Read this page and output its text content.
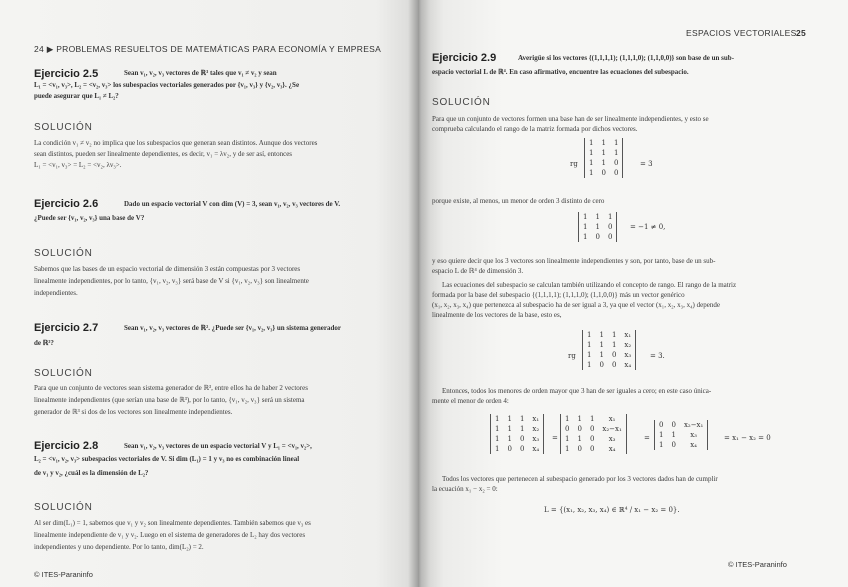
24 ▶ PROBLEMAS RESUELTOS DE MATEMÁTICAS PARA ECONOMÍA Y EMPRESA
Ejercicio 2.5	Sean v₁, v₂, v₃ vectores de ℝ³ tales que v₁ ≠ v₂ y sean
L₁ = <v₁, v₃>, L₂ = <v₂, v₃> los subespacios vectoriales generados por {v₁, v₃} y {v₂, v₃}. ¿Se
puede asegurar que L₁ ≠ L₂?
SOLUCIÓN
La condición v₁ ≠ v₂ no implica que los subespacios que generan sean distintos. Aunque dos vectores
sean distintos, pueden ser linealmente dependientes, es decir, v₁ = λv₂, y de ser así, entonces
L₁ = <v₁, v₃> = L₂ = <v₂, λv₃>.
Ejercicio 2.6	Dado un espacio vectorial V con dim (V) = 3, sean v₁, v₂, v₃ vectores de V.
¿Puede ser {v₁, v₂, v₃} una base de V?
SOLUCIÓN
Sabemos que las bases de un espacio vectorial de dimensión 3 están compuestas por 3 vectores
linealmente independientes, por lo tanto, {v₁, v₂, v₃} será base de V si {v₁, v₂, v₃} son linealmente
independientes.
Ejercicio 2.7	Sean v₁, v₂, v₃ vectores de ℝ². ¿Puede ser {v₁, v₂, v₃} un sistema generador
de ℝ³?
SOLUCIÓN
Para que un conjunto de vectores sean sistema generador de ℝ³, entre ellos ha de haber 2 vectores
linealmente independientes (que serían una base de ℝ³), por lo tanto, {v₁, v₂, v₃} será un sistema
generador de ℝ³ si dos de los vectores son linealmente independientes.
Ejercicio 2.8	Sean v₁, v₂, v₃ vectores de un espacio vectorial V y L₁ = <v₁, v₂>,
L₂ = <v₁, v₂, v₃> subespacios vectoriales de V. Si dim (L₁) = 1 y v₃ no es combinación lineal
de v₁ y v₂, ¿cuál es la dimensión de L₂?
SOLUCIÓN
Al ser dim(L₁) = 1, sabemos que v₁ y v₂ son linealmente dependientes. También sabemos que v₃ es
linealmente independiente de v₁ y v₂. Luego en el sistema de generadores de L₂ hay dos vectores
independientes y uno dependiente. Por lo tanto, dim(L₂) = 2.
© ITES-Paraninfo
ESPACIOS VECTORIALES 25
Ejercicio 2.9	Averigüe si los vectores {(1,1,1,1); (1,1,1,0); (1,1,0,0)} son base de un sub-
espacio vectorial L de ℝ⁴. En caso afirmativo, encuentre las ecuaciones del subespacio.
SOLUCIÓN
Para que un conjunto de vectores formen una base han de ser linealmente independientes, y esto se
comprueba calculando el rango de la matriz formada por dichos vectores.
rg
1	1	1
1	1	1
1	1	0
1	0	0
= 3
porque existe, al menos, un menor de orden 3 distinto de cero
1	1	1
1	1	0
1	0	0
= −1 ≠ 0,
y eso quiere decir que los 3 vectores son linealmente independientes y son, por tanto, base de un sub-
espacio L de ℝ⁴ de dimensión 3.
Las ecuaciones del subespacio se calculan también utilizando el concepto de rango. El rango de la matriz
formada por la base del subespacio {(1,1,1,1); (1,1,1,0); (1,1,0,0)} más un vector genérico
(x₁, x₂, x₃, x₄) que pertenezca al subespacio ha de ser igual a 3, ya que el vector (x₁, x₂, x₃, x₄) depende
linealmente de los vectores de la base, esto es,
rg
1	1	1	x₁
1	1	1	x₂
1	1	0	x₃
1	0	0	x₄
= 3.
Entonces, todos los menores de orden mayor que 3 han de ser iguales a cero; en este caso única-
mente el menor de orden 4:
1	1	1	x₁
1	1	1	x₂
1	1	0	x₃
1	0	0	x₄
=
1	1	1	x₁
0	0	0	x₂−x₁
1	1	0	x₃
1	0	0	x₄
=
0	0	x₂−x₁
1	1	x₃
1	0	x₄
= x₁ − x₂ = 0
Todos los vectores que pertenecen al subespacio generado por los 3 vectores dados han de cumplir
la ecuación x₁ − x₂ = 0:
L = {(x₁, x₂, x₃, x₄) ∈ ℝ⁴ / x₁ − x₂ = 0}.
© ITES-Paraninfo
